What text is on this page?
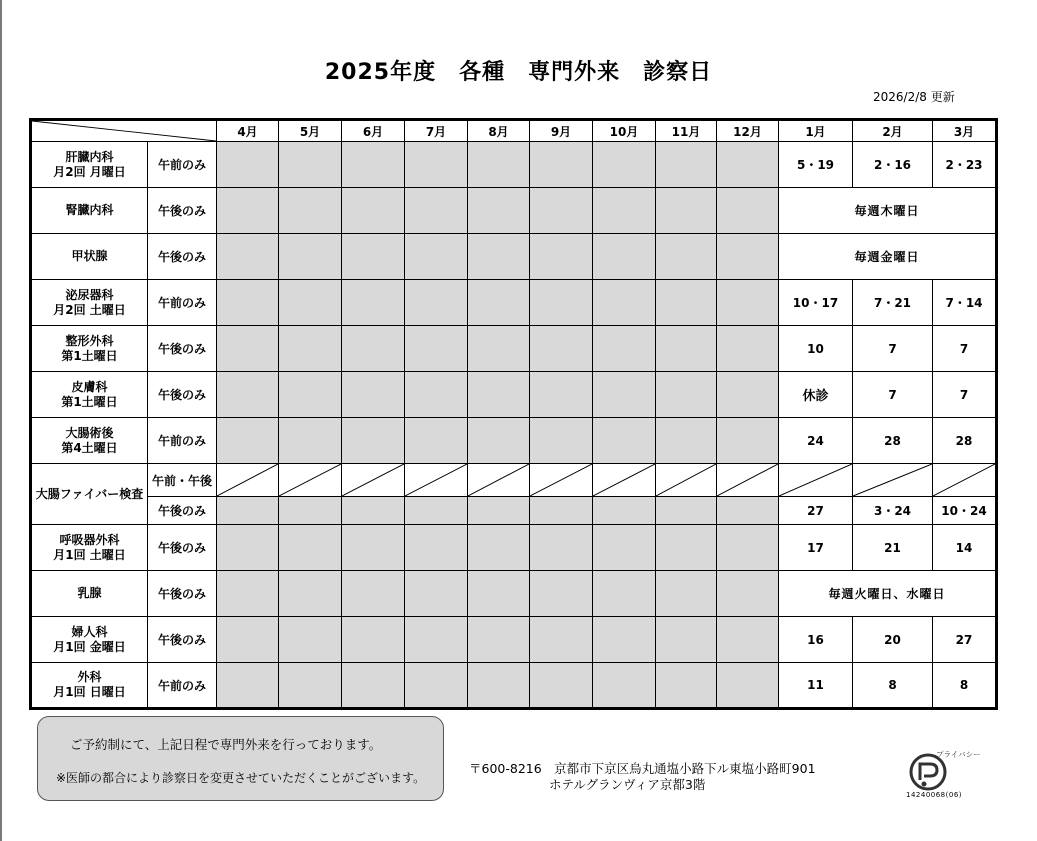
2025年度　各種　専門外来　診察日
2026/2/8 更新
	4月	5月	6月	7月	8月	9月	10月	11月	12月	1月	2月	3月

肝臓内科
月2回 月曜日	午前のみ										5・19	2・16	2・23

腎臓内科	午後のみ										毎週木曜日		

甲状腺	午後のみ										毎週金曜日		

泌尿器科
月2回 土曜日	午前のみ										10・17	7・21	7・14

整形外科
第1土曜日	午後のみ										10	7	7

皮膚科
第1土曜日	午後のみ										休診	7	7

大腸術後
第4土曜日	午前のみ										24	28	28

大腸ファイバー検査	午前・午後	

	午後のみ										27	3・24	10・24

呼吸器外科
月1回 土曜日	午後のみ										17	21	14

乳腺	午後のみ										毎週火曜日、水曜日		

婦人科
月1回 金曜日	午後のみ										16	20	27

外科
月1回 日曜日	午前のみ										11	8	8
ご予約制にて、上記日程で専門外来を行っております。
※医師の都合により診察日を変更させていただくことがございます。
〒600-8216　京都市下京区烏丸通塩小路下ル東塩小路町901
ホテルグランヴィア京都3階
プライバシー
14240068(06)
